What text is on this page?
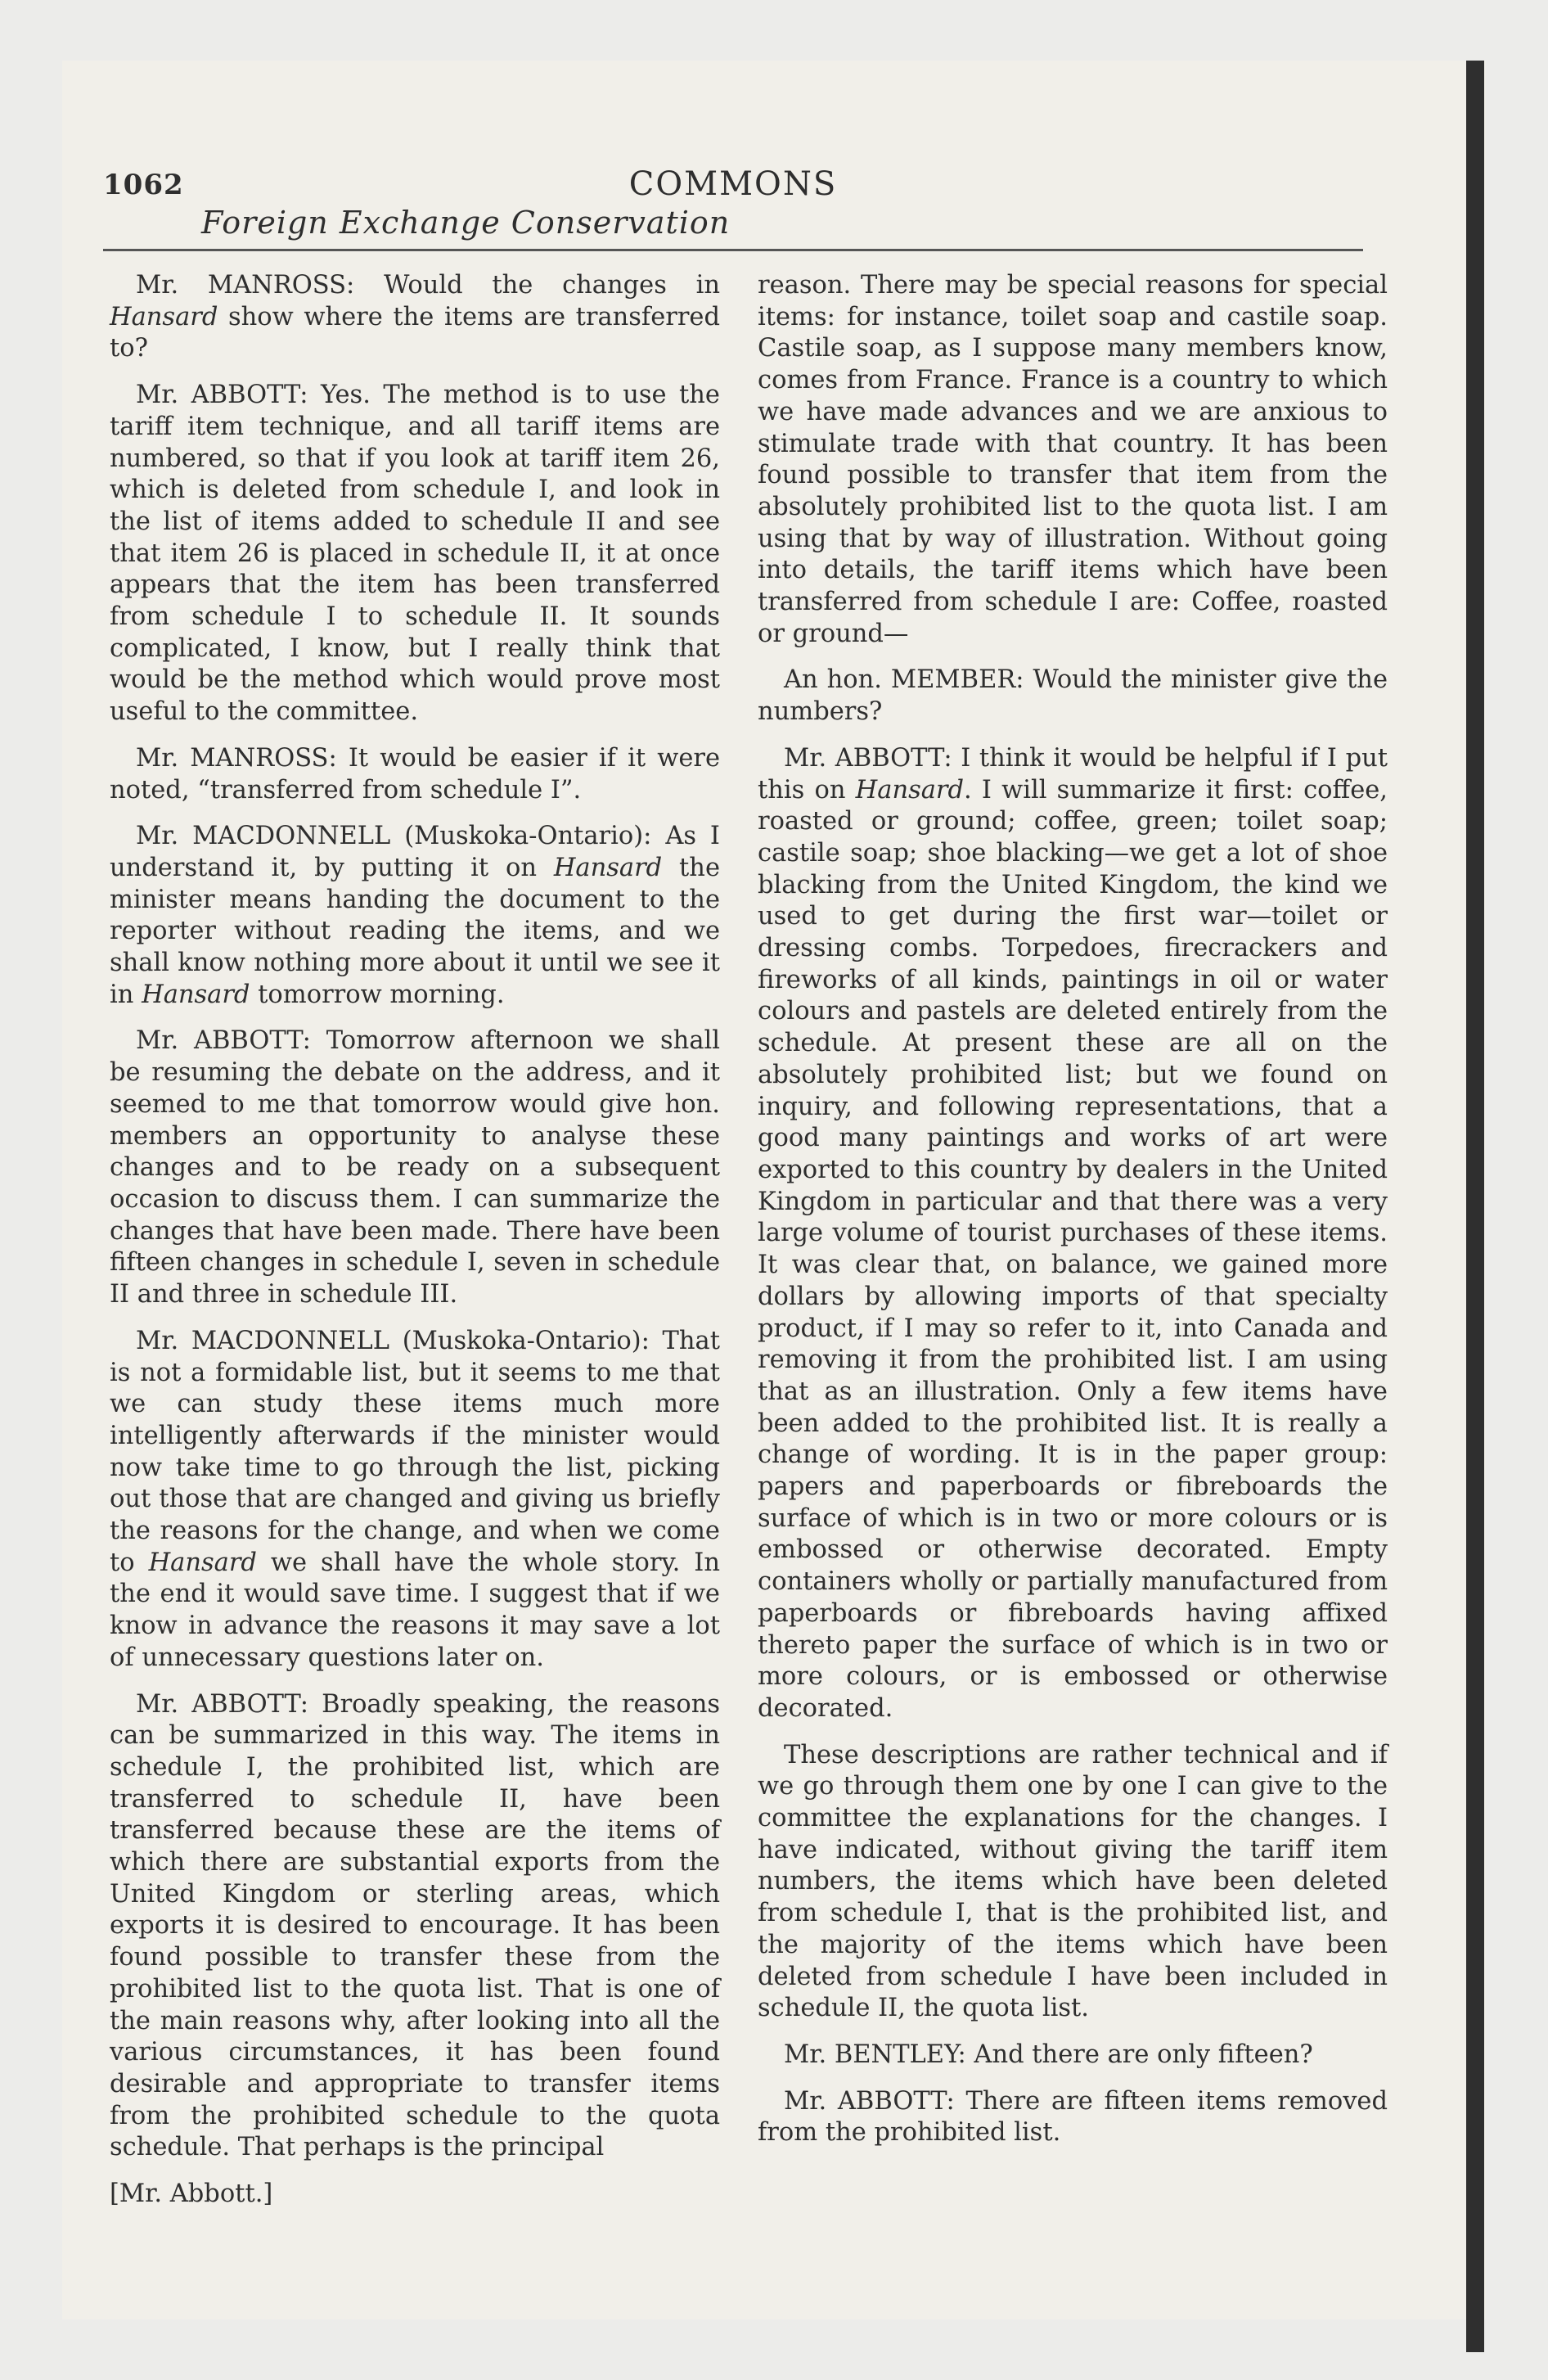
1062	COMMONS
Foreign Exchange Conservation

Mr. MANROSS: Would the changes in Hansard show where the items are transferred to?

Mr. ABBOTT: Yes. The method is to use the tariff item technique, and all tariff items are numbered, so that if you look at tariff item 26, which is deleted from schedule I, and look in the list of items added to schedule II and see that item 26 is placed in schedule II, it at once appears that the item has been transferred from schedule I to schedule II. It sounds complicated, I know, but I really think that would be the method which would prove most useful to the committee.

Mr. MANROSS: It would be easier if it were noted, “transferred from schedule I”.

Mr. MACDONNELL (Muskoka-Ontario): As I understand it, by putting it on Hansard the minister means handing the document to the reporter without reading the items, and we shall know nothing more about it until we see it in Hansard tomorrow morning.

Mr. ABBOTT: Tomorrow afternoon we shall be resuming the debate on the address, and it seemed to me that tomorrow would give hon. members an opportunity to analyse these changes and to be ready on a subsequent occasion to discuss them. I can summarize the changes that have been made. There have been fifteen changes in schedule I, seven in schedule II and three in schedule III.

Mr. MACDONNELL (Muskoka-Ontario): That is not a formidable list, but it seems to me that we can study these items much more intelligently afterwards if the minister would now take time to go through the list, picking out those that are changed and giving us briefly the reasons for the change, and when we come to Hansard we shall have the whole story. In the end it would save time. I suggest that if we know in advance the reasons it may save a lot of unnecessary questions later on.

Mr. ABBOTT: Broadly speaking, the reasons can be summarized in this way. The items in schedule I, the prohibited list, which are transferred to schedule II, have been transferred because these are the items of which there are substantial exports from the United Kingdom or sterling areas, which exports it is desired to encourage. It has been found possible to transfer these from the prohibited list to the quota list. That is one of the main reasons why, after looking into all the various circumstances, it has been found desirable and appropriate to transfer items from the prohibited schedule to the quota schedule. That perhaps is the principal

[Mr. Abbott.]

reason. There may be special reasons for special items: for instance, toilet soap and castile soap. Castile soap, as I suppose many members know, comes from France. France is a country to which we have made advances and we are anxious to stimulate trade with that country. It has been found possible to transfer that item from the absolutely prohibited list to the quota list. I am using that by way of illustration. Without going into details, the tariff items which have been transferred from schedule I are: Coffee, roasted or ground—

An hon. MEMBER: Would the minister give the numbers?

Mr. ABBOTT: I think it would be helpful if I put this on Hansard. I will summarize it first: coffee, roasted or ground; coffee, green; toilet soap; castile soap; shoe blacking—we get a lot of shoe blacking from the United Kingdom, the kind we used to get during the first war—toilet or dressing combs. Torpedoes, firecrackers and fireworks of all kinds, paintings in oil or water colours and pastels are deleted entirely from the schedule. At present these are all on the absolutely prohibited list; but we found on inquiry, and following representations, that a good many paintings and works of art were exported to this country by dealers in the United Kingdom in particular and that there was a very large volume of tourist purchases of these items. It was clear that, on balance, we gained more dollars by allowing imports of that specialty product, if I may so refer to it, into Canada and removing it from the prohibited list. I am using that as an illustration. Only a few items have been added to the prohibited list. It is really a change of wording. It is in the paper group: papers and paperboards or fibreboards the surface of which is in two or more colours or is embossed or otherwise decorated. Empty containers wholly or partially manufactured from paperboards or fibreboards having affixed thereto paper the surface of which is in two or more colours, or is embossed or otherwise decorated.

These descriptions are rather technical and if we go through them one by one I can give to the committee the explanations for the changes. I have indicated, without giving the tariff item numbers, the items which have been deleted from schedule I, that is the prohibited list, and the majority of the items which have been deleted from schedule I have been included in schedule II, the quota list.

Mr. BENTLEY: And there are only fifteen?

Mr. ABBOTT: There are fifteen items removed from the prohibited list.
